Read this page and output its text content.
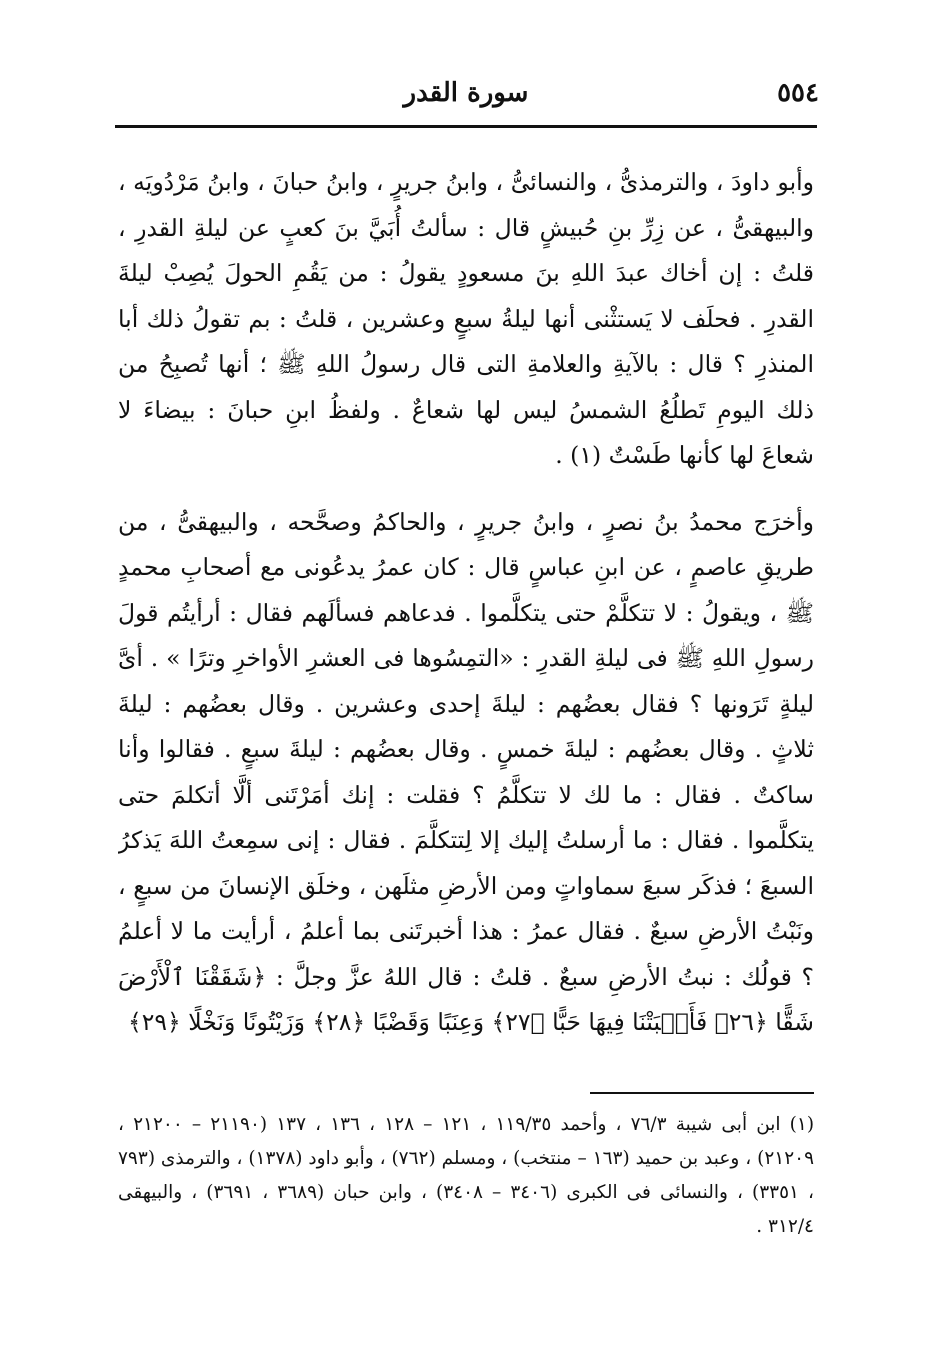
٥٥٤
سورة القدر

وأبو داودَ ، والترمذىُّ ، والنسائىُّ ، وابنُ جريرٍ ، وابنُ حبانَ ، وابنُ مَرْدُويَه ، والبيهقىُّ ، عن زِرِّ بنِ حُبيشٍ قال : سألتُ أُبَيَّ بنَ كعبٍ عن ليلةِ القدرِ ، قلتُ : إن أخاك عبدَ اللهِ بنَ مسعودٍ يقولُ : من يَقُمِ الحولَ يُصِبْ ليلةَ القدرِ . فحلَف لا يَستثْنى أنها ليلةُ سبعٍ وعشرين ، قلتُ : بم تقولُ ذلك أبا المنذرِ ؟ قال : بالآيةِ والعلامةِ التى قال رسولُ اللهِ ﷺ ؛ أنها تُصبِحُ من ذلك اليومِ تَطلُعُ الشمسُ ليس لها شعاعٌ . ولفظُ ابنِ حبانَ : بيضاءَ لا شعاعَ لها كأنها طَسْتٌ (١) .

وأخرَج محمدُ بنُ نصرٍ ، وابنُ جريرٍ ، والحاكمُ وصحَّحه ، والبيهقىُّ ، من طريقِ عاصمٍ ، عن ابنِ عباسٍ قال : كان عمرُ يدعُونى مع أصحابِ محمدٍ ﷺ ، ويقولُ : لا تتكلَّمْ حتى يتكلَّموا . فدعاهم فسألَهم فقال : أرأيتُم قولَ رسولِ اللهِ ﷺ فى ليلةِ القدرِ : «التمِسُوها فى العشرِ الأواخرِ وترًا » . أىَّ ليلةٍ تَرَونها ؟ فقال بعضُهم : ليلةَ إحدى وعشرين . وقال بعضُهم : ليلةَ ثلاثٍ . وقال بعضُهم : ليلةَ خمسٍ . وقال بعضُهم : ليلةَ سبعٍ . فقالوا وأنا ساكتٌ . فقال : ما لك لا تتكلَّمُ ؟ فقلت : إنك أمَرْتَنى ألَّا أتكلمَ حتى يتكلَّموا . فقال : ما أرسلتُ إليك إلا لِتتكلَّمَ . فقال : إنى سمِعتُ اللهَ يَذكرُ السبعَ ؛ فذكَر سبعَ سماواتٍ ومن الأرضِ مثلَهن ، وخلَق الإنسانَ من سبعٍ ، ونَبْتُ الأرضِ سبعٌ . فقال عمرُ : هذا أخبرتَنى بما أعلمُ ، أرأيت ما لا أعلمُ ؟ قولُك : نبتُ الأرضِ سبعٌ . قلتُ : قال اللهُ عزَّ وجلَّ : ﴿شَقَقْنَا ٱلْأَرْضَ شَقًّا ﴿٢٦﴾ فَأَنۢبَتْنَا فِيهَا حَبًّا ﴿٢٧﴾ وَعِنَبًا وَقَضْبًا ﴿٢٨﴾ وَزَيْتُونًا وَنَخْلًا ﴿٢٩﴾

(١) ابن أبى شيبة ٧٦/٣ ، وأحمد ١١٩/٣٥ ، ١٢١ – ١٢٨ ، ١٣٦ ، ١٣٧ (٢١١٩٠ – ٢١٢٠٠ ، ٢١٢٠٩) ، وعبد بن حميد (١٦٣ – منتخب) ، ومسلم (٧٦٢) ، وأبو داود (١٣٧٨) ، والترمذى (٧٩٣ ، ٣٣٥١) ، والنسائى فى الكبرى (٣٤٠٦ – ٣٤٠٨) ، وابن حبان (٣٦٨٩ ، ٣٦٩١) ، والبيهقى ٣١٢/٤ .
